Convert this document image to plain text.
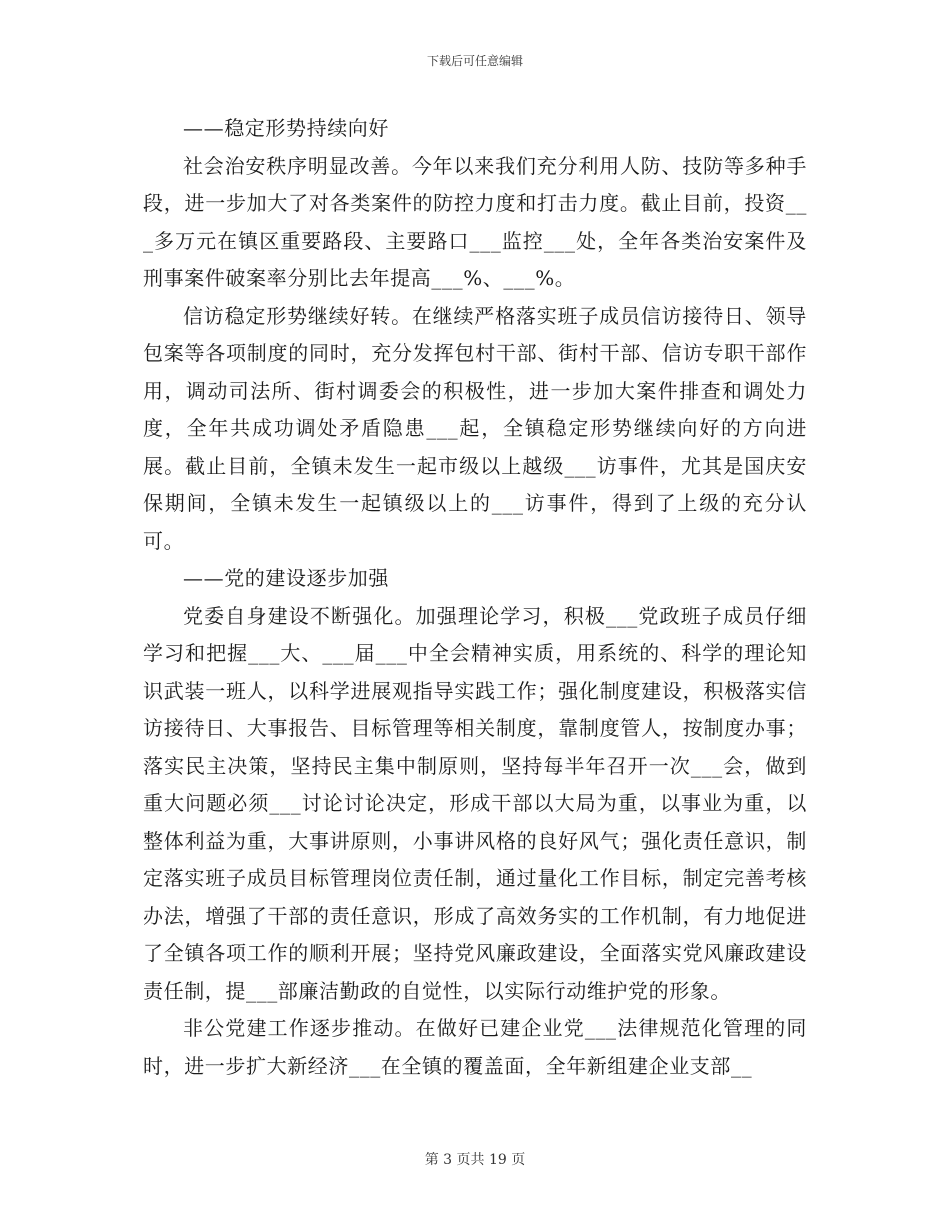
下载后可任意编辑

——稳定形势持续向好

社会治安秩序明显改善。今年以来我们充分利用人防、技防等多种手段，进一步加大了对各类案件的防控力度和打击力度。截止目前，投资___多万元在镇区重要路段、主要路口___监控___处，全年各类治安案件及刑事案件破案率分别比去年提高___%、___%。

信访稳定形势继续好转。在继续严格落实班子成员信访接待日、领导包案等各项制度的同时，充分发挥包村干部、街村干部、信访专职干部作用，调动司法所、街村调委会的积极性，进一步加大案件排查和调处力度，全年共成功调处矛盾隐患___起，全镇稳定形势继续向好的方向进展。截止目前，全镇未发生一起市级以上越级___访事件，尤其是国庆安保期间，全镇未发生一起镇级以上的___访事件，得到了上级的充分认可。

——党的建设逐步加强

党委自身建设不断强化。加强理论学习，积极___党政班子成员仔细学习和把握___大、___届___中全会精神实质，用系统的、科学的理论知识武装一班人，以科学进展观指导实践工作；强化制度建设，积极落实信访接待日、大事报告、目标管理等相关制度，靠制度管人，按制度办事；落实民主决策，坚持民主集中制原则，坚持每半年召开一次___会，做到重大问题必须___讨论讨论决定，形成干部以大局为重，以事业为重，以整体利益为重，大事讲原则，小事讲风格的良好风气；强化责任意识，制定落实班子成员目标管理岗位责任制，通过量化工作目标，制定完善考核办法，增强了干部的责任意识，形成了高效务实的工作机制，有力地促进了全镇各项工作的顺利开展；坚持党风廉政建设，全面落实党风廉政建设责任制，提___部廉洁勤政的自觉性，以实际行动维护党的形象。

非公党建工作逐步推动。在做好已建企业党___法律规范化管理的同时，进一步扩大新经济___在全镇的覆盖面，全年新组建企业支部__

第 3 页共 19 页
